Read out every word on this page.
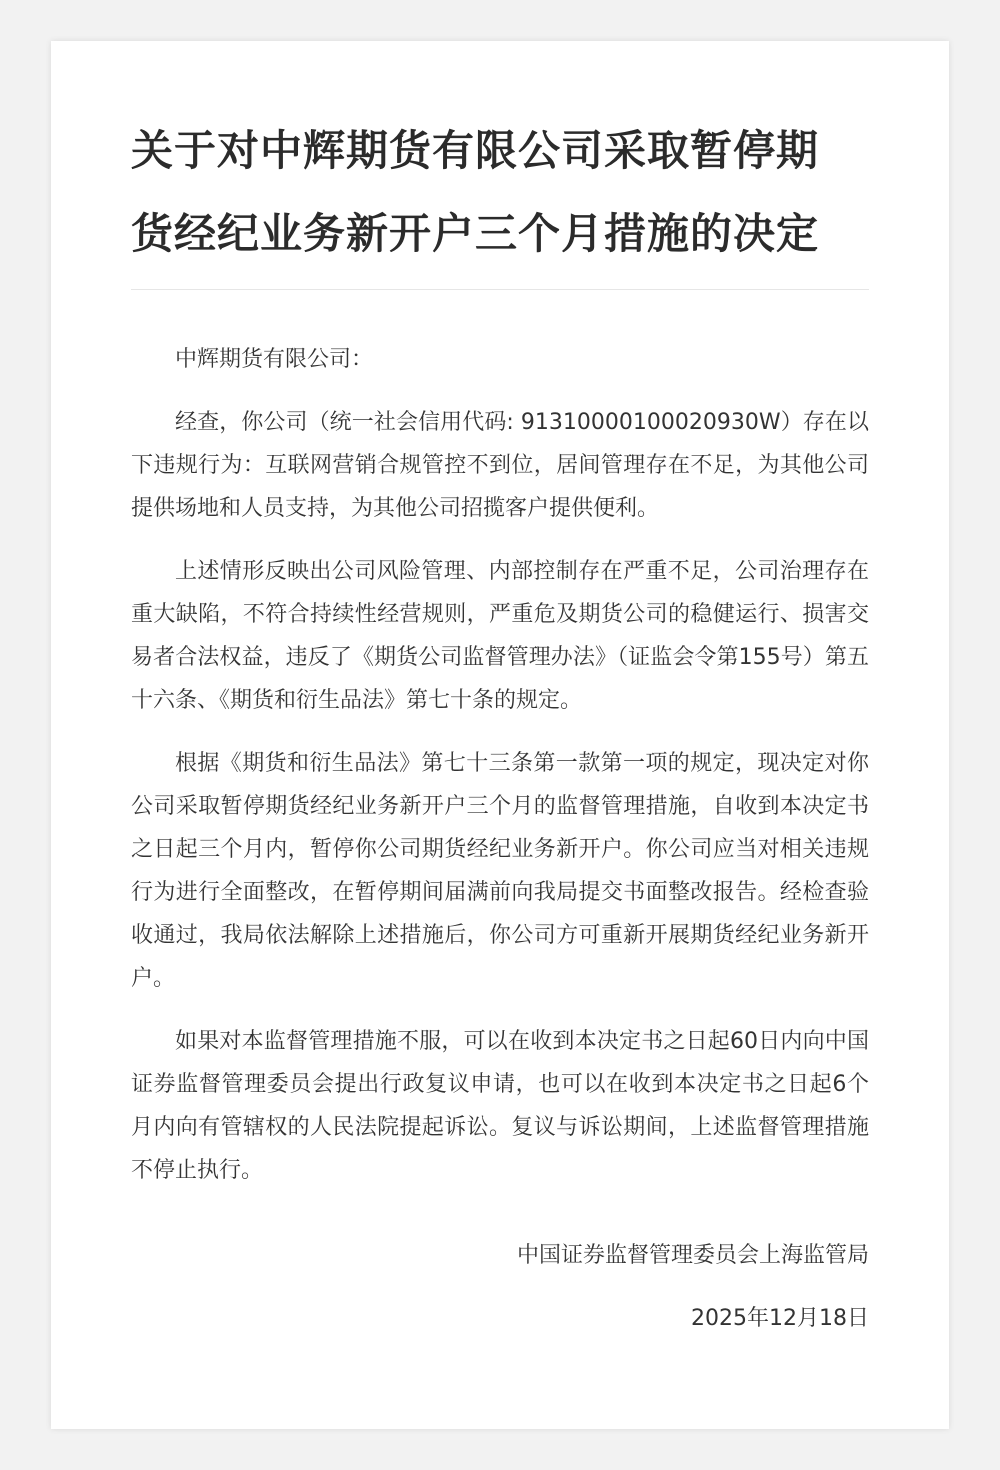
关于对中辉期货有限公司采取暂停期
货经纪业务新开户三个月措施的决定

中辉期货有限公司：

经查，你公司（统一社会信用代码: 91310000100020930W）存在以下违规行为：互联网营销合规管控不到位，居间管理存在不足，为其他公司提供场地和人员支持，为其他公司招揽客户提供便利。

上述情形反映出公司风险管理、内部控制存在严重不足，公司治理存在重大缺陷，不符合持续性经营规则，严重危及期货公司的稳健运行、损害交易者合法权益，违反了《期货公司监督管理办法》（证监会令第155号）第五十六条、《期货和衍生品法》第七十条的规定。

根据《期货和衍生品法》第七十三条第一款第一项的规定，现决定对你公司采取暂停期货经纪业务新开户三个月的监督管理措施，自收到本决定书之日起三个月内，暂停你公司期货经纪业务新开户。你公司应当对相关违规行为进行全面整改，在暂停期间届满前向我局提交书面整改报告。经检查验收通过，我局依法解除上述措施后，你公司方可重新开展期货经纪业务新开户。

如果对本监督管理措施不服，可以在收到本决定书之日起60日内向中国证券监督管理委员会提出行政复议申请，也可以在收到本决定书之日起6个月内向有管辖权的人民法院提起诉讼。复议与诉讼期间，上述监督管理措施不停止执行。

中国证券监督管理委员会上海监管局
2025年12月18日
